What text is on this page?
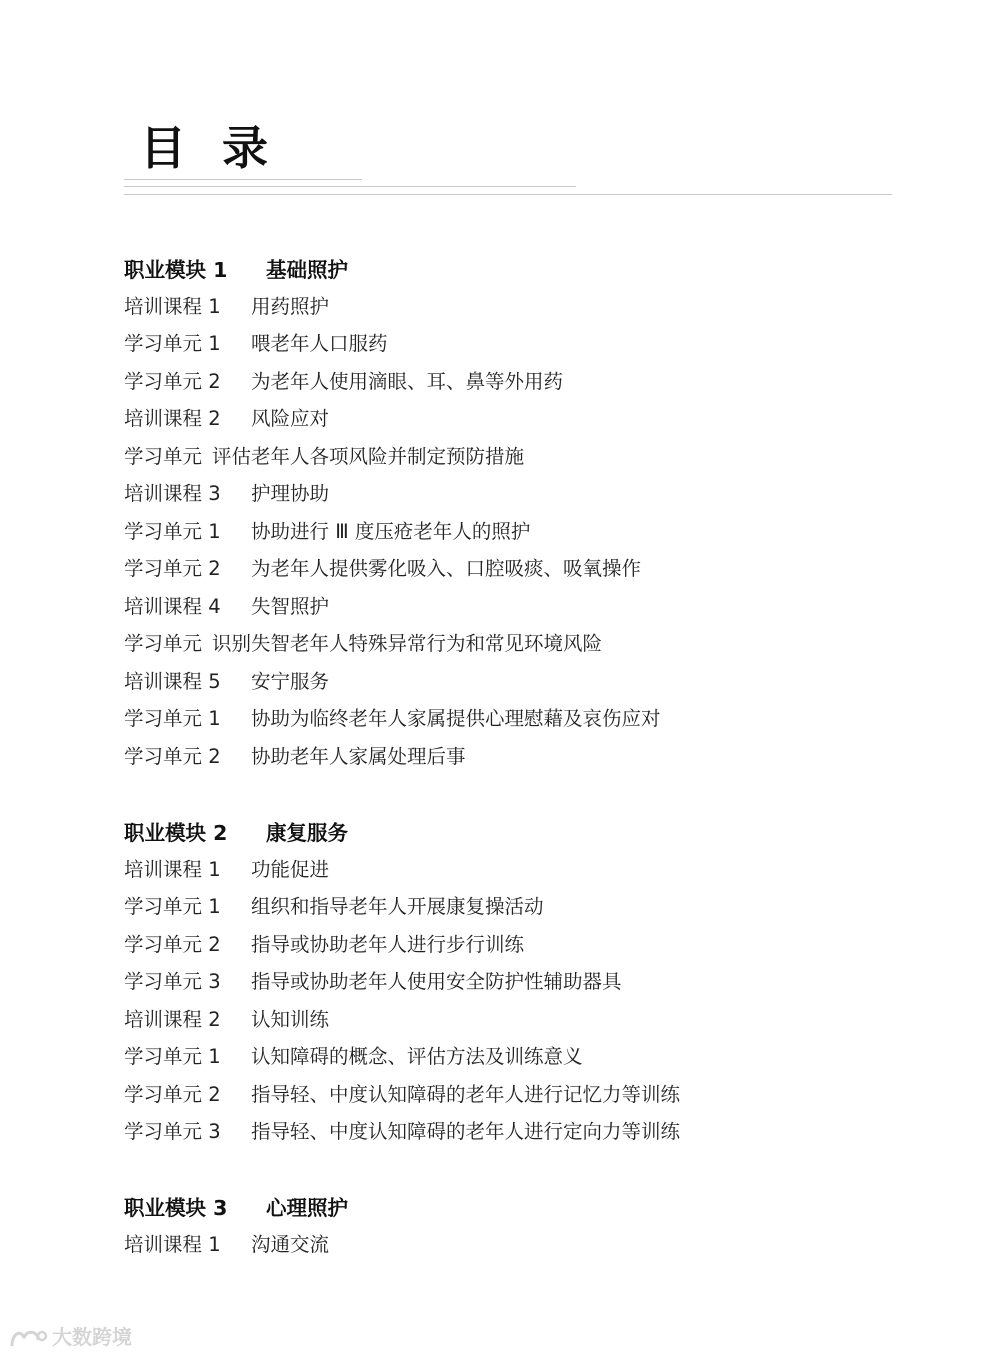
目 录
职业模块 1 基础照护
培训课程 1 用药照护
学习单元 1 喂老年人口服药
学习单元 2 为老年人使用滴眼、耳、鼻等外用药
培训课程 2 风险应对
学习单元 评估老年人各项风险并制定预防措施
培训课程 3 护理协助
学习单元 1 协助进行 Ⅲ 度压疮老年人的照护
学习单元 2 为老年人提供雾化吸入、口腔吸痰、吸氧操作
培训课程 4 失智照护
学习单元 识别失智老年人特殊异常行为和常见环境风险
培训课程 5 安宁服务
学习单元 1 协助为临终老年人家属提供心理慰藉及哀伤应对
学习单元 2 协助老年人家属处理后事
职业模块 2 康复服务
培训课程 1 功能促进
学习单元 1 组织和指导老年人开展康复操活动
学习单元 2 指导或协助老年人进行步行训练
学习单元 3 指导或协助老年人使用安全防护性辅助器具
培训课程 2 认知训练
学习单元 1 认知障碍的概念、评估方法及训练意义
学习单元 2 指导轻、中度认知障碍的老年人进行记忆力等训练
学习单元 3 指导轻、中度认知障碍的老年人进行定向力等训练
职业模块 3 心理照护
培训课程 1 沟通交流
大数跨境
